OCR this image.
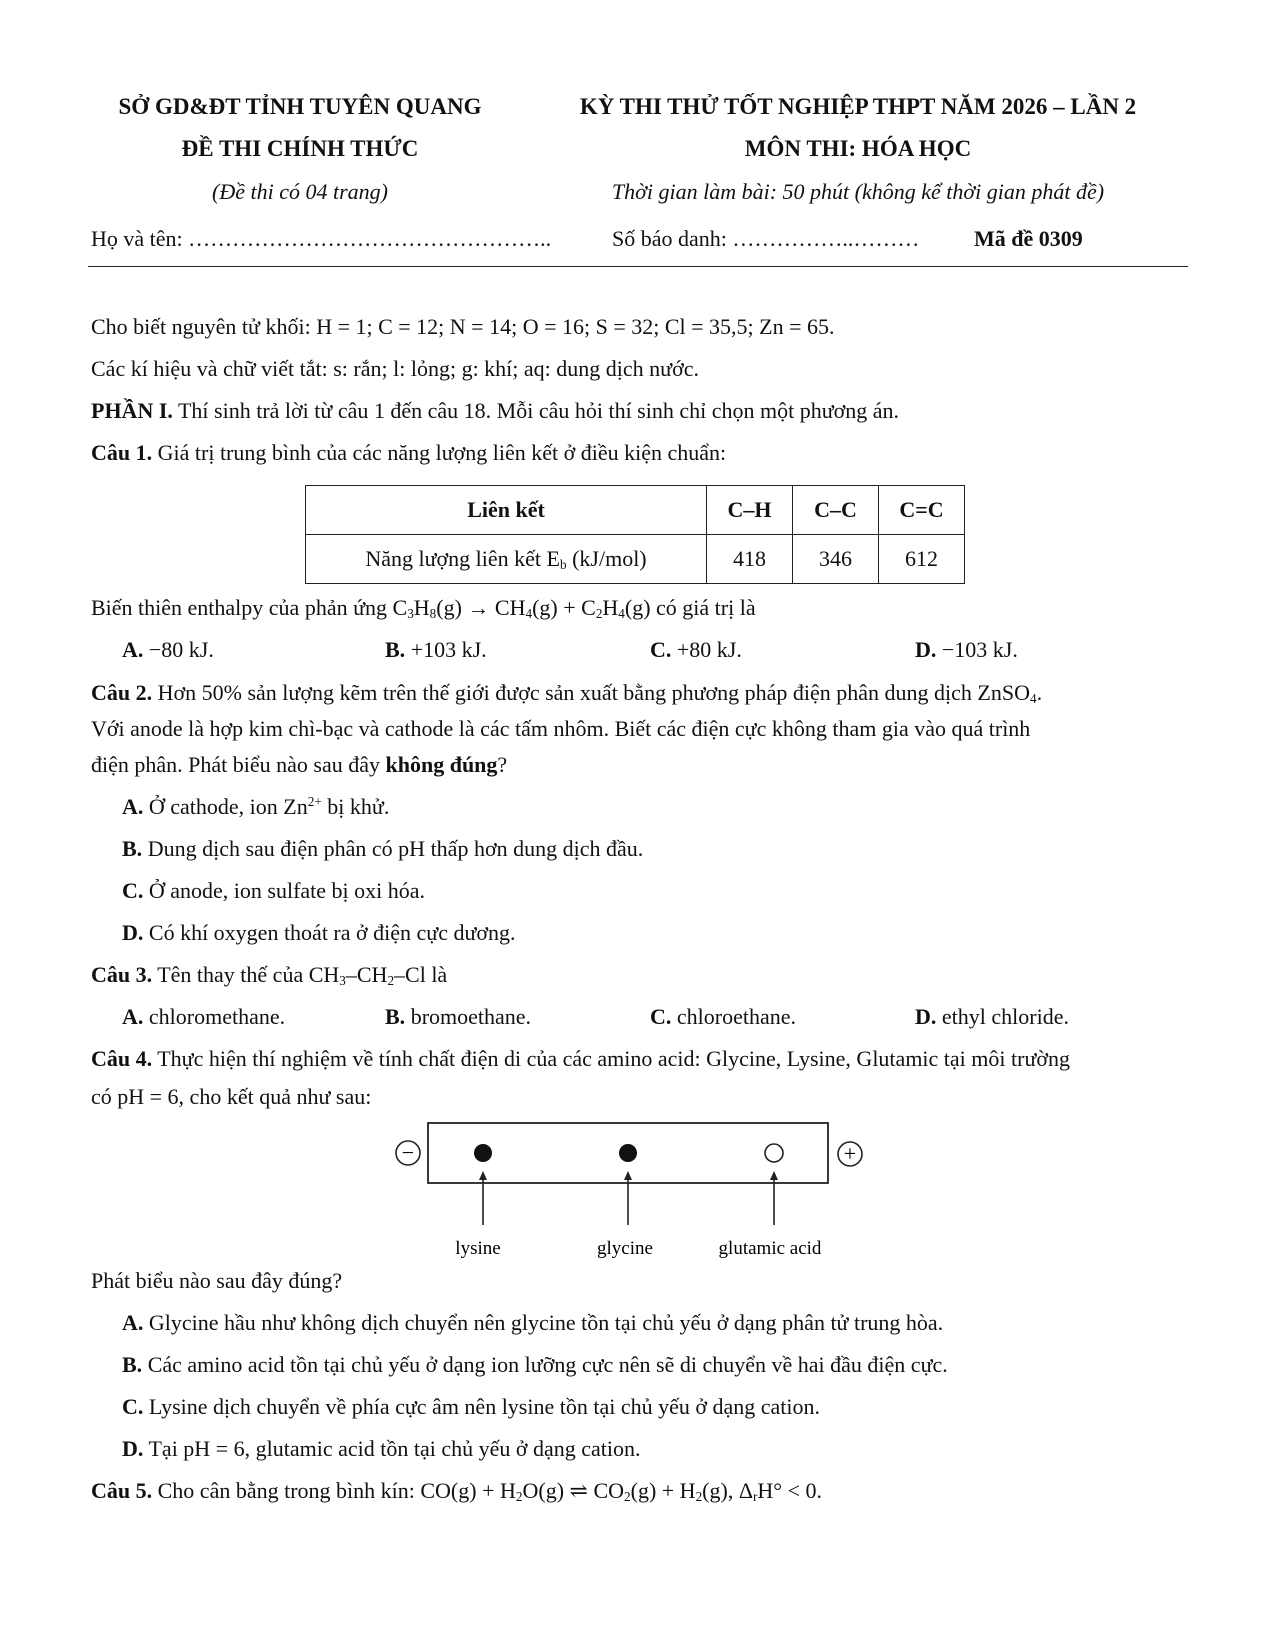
SỞ GD&ĐT TỈNH TUYÊN QUANG
ĐỀ THI CHÍNH THỨC
(Đề thi có 04 trang)
KỲ THI THỬ TỐT NGHIỆP THPT NĂM 2026 – LẦN 2
MÔN THI: HÓA HỌC
Thời gian làm bài: 50 phút (không kể thời gian phát đề)
Họ và tên: …………………………………………..	Số báo danh: ……………..……… Mã đề 0309
Cho biết nguyên tử khối: H = 1; C = 12; N = 14; O = 16; S = 32; Cl = 35,5; Zn = 65.
Các kí hiệu và chữ viết tắt: s: rắn; l: lỏng; g: khí; aq: dung dịch nước.
PHẦN I. Thí sinh trả lời từ câu 1 đến câu 18. Mỗi câu hỏi thí sinh chỉ chọn một phương án.
Câu 1. Giá trị trung bình của các năng lượng liên kết ở điều kiện chuẩn:
Liên kết	C–H	C–C	C=C
Năng lượng liên kết $E_b$ (kJ/mol)	418	346	612
Biến thiên enthalpy của phản ứng $C_3H_8(g) \to CH_4(g) + C_2H_4(g)$ có giá trị là
A. −80 kJ.	B. +103 kJ.	C. +80 kJ.	D. −103 kJ.
Câu 2. Hơn 50% sản lượng kẽm trên thế giới được sản xuất bằng phương pháp điện phân dung dịch ZnSO$_4$.
Với anode là hợp kim chì-bạc và cathode là các tấm nhôm. Biết các điện cực không tham gia vào quá trình
điện phân. Phát biểu nào sau đây không đúng?
A. Ở cathode, ion $Zn^{2+}$ bị khử.
B. Dung dịch sau điện phân có pH thấp hơn dung dịch đầu.
C. Ở anode, ion sulfate bị oxi hóa.
D. Có khí oxygen thoát ra ở điện cực dương.
Câu 3. Tên thay thế của $CH_3-CH_2-Cl$ là
A. chloromethane.	B. bromoethane.	C. chloroethane.	D. ethyl chloride.
Câu 4. Thực hiện thí nghiệm về tính chất điện di của các amino acid: Glycine, Lysine, Glutamic tại môi trường
có pH = 6, cho kết quả như sau:
−	+
lysine	glycine	glutamic acid
Phát biểu nào sau đây đúng?
A. Glycine hầu như không dịch chuyển nên glycine tồn tại chủ yếu ở dạng phân tử trung hòa.
B. Các amino acid tồn tại chủ yếu ở dạng ion lưỡng cực nên sẽ di chuyển về hai đầu điện cực.
C. Lysine dịch chuyển về phía cực âm nên lysine tồn tại chủ yếu ở dạng cation.
D. Tại pH = 6, glutamic acid tồn tại chủ yếu ở dạng cation.
Câu 5. Cho cân bằng trong bình kín: $CO(g) + H_2O(g)$ ⇌ $CO_2(g) + H_2(g)$, $\Delta_rH^\circ < 0$.
